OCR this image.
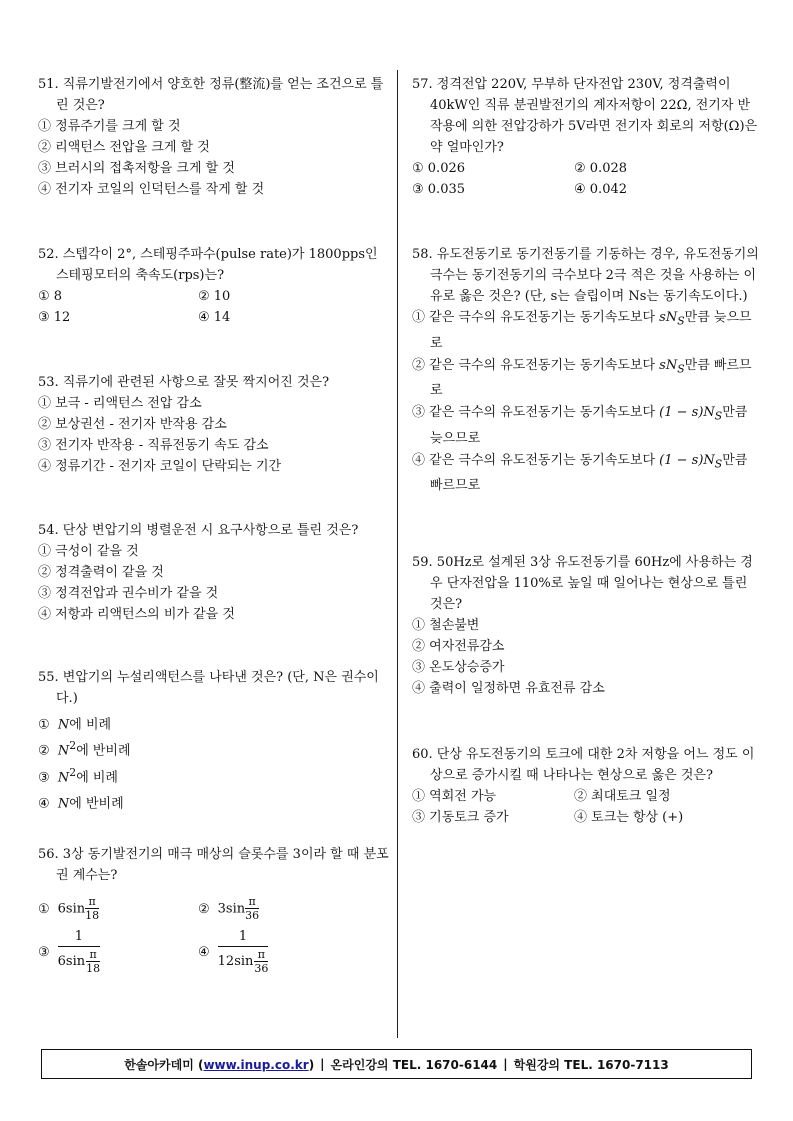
51. 직류기발전기에서 양호한 정류(整流)를 얻는 조건으로 틀린 것은?
① 정류주기를 크게 할 것
② 리액턴스 전압을 크게 할 것
③ 브러시의 접촉저항을 크게 할 것
④ 전기자 코일의 인덕턴스를 작게 할 것
52. 스텝각이 2°, 스테핑주파수(pulse rate)가 1800pps인 스테핑모터의 축속도(rps)는?
① 8	② 10
③ 12	④ 14
53. 직류기에 관련된 사항으로 잘못 짝지어진 것은?
① 보극 - 리액턴스 전압 감소
② 보상권선 - 전기자 반작용 감소
③ 전기자 반작용 - 직류전동기 속도 감소
④ 정류기간 - 전기자 코일이 단락되는 기간
54. 단상 변압기의 병렬운전 시 요구사항으로 틀린 것은?
① 극성이 같을 것
② 정격출력이 같을 것
③ 정격전압과 권수비가 같을 것
④ 저항과 리액턴스의 비가 같을 것
55. 변압기의 누설리액턴스를 나타낸 것은? (단, N은 권수이다.)
① N에 비례
② $N^2$에 반비례
③ $N^2$에 비례
④ N에 반비례
56. 3상 동기발전기의 매극 매상의 슬롯수를 3이라 할 때 분포권 계수는?
① $6\sin \frac{\pi}{18}$	② $3\sin \frac{\pi}{36}$
③ $\frac{1}{6\sin \frac{\pi}{18}}$	④ $\frac{1}{12\sin \frac{\pi}{36}}$
57. 정격전압 220V, 무부하 단자전압 230V, 정격출력이 40kW인 직류 분권발전기의 계자저항이 22Ω, 전기자 반작용에 의한 전압강하가 5V라면 전기자 회로의 저항(Ω)은 약 얼마인가?
① 0.026	② 0.028
③ 0.035	④ 0.042
58. 유도전동기로 동기전동기를 기동하는 경우, 유도전동기의 극수는 동기전동기의 극수보다 2극 적은 것을 사용하는 이유로 옳은 것은? (단, s는 슬립이며 Ns는 동기속도이다.)
① 같은 극수의 유도전동기는 동기속도보다 $sN_S$만큼 늦으므로
② 같은 극수의 유도전동기는 동기속도보다 $sN_S$만큼 빠르므로
③ 같은 극수의 유도전동기는 동기속도보다 $(1 - s)N_S$만큼 늦으므로
④ 같은 극수의 유도전동기는 동기속도보다 $(1 - s)N_S$만큼 빠르므로
59. 50Hz로 설계된 3상 유도전동기를 60Hz에 사용하는 경우 단자전압을 110%로 높일 때 일어나는 현상으로 틀린 것은?
① 철손불변
② 여자전류감소
③ 온도상승증가
④ 출력이 일정하면 유효전류 감소
60. 단상 유도전동기의 토크에 대한 2차 저항을 어느 정도 이상으로 증가시킬 때 나타나는 현상으로 옳은 것은?
① 역회전 가능	② 최대토크 일정
③ 기동토크 증가	④ 토크는 항상 (+)
한솔아카데미 (www.inup.co.kr) | 온라인강의 TEL. 1670-6144 | 학원강의 TEL. 1670-7113
